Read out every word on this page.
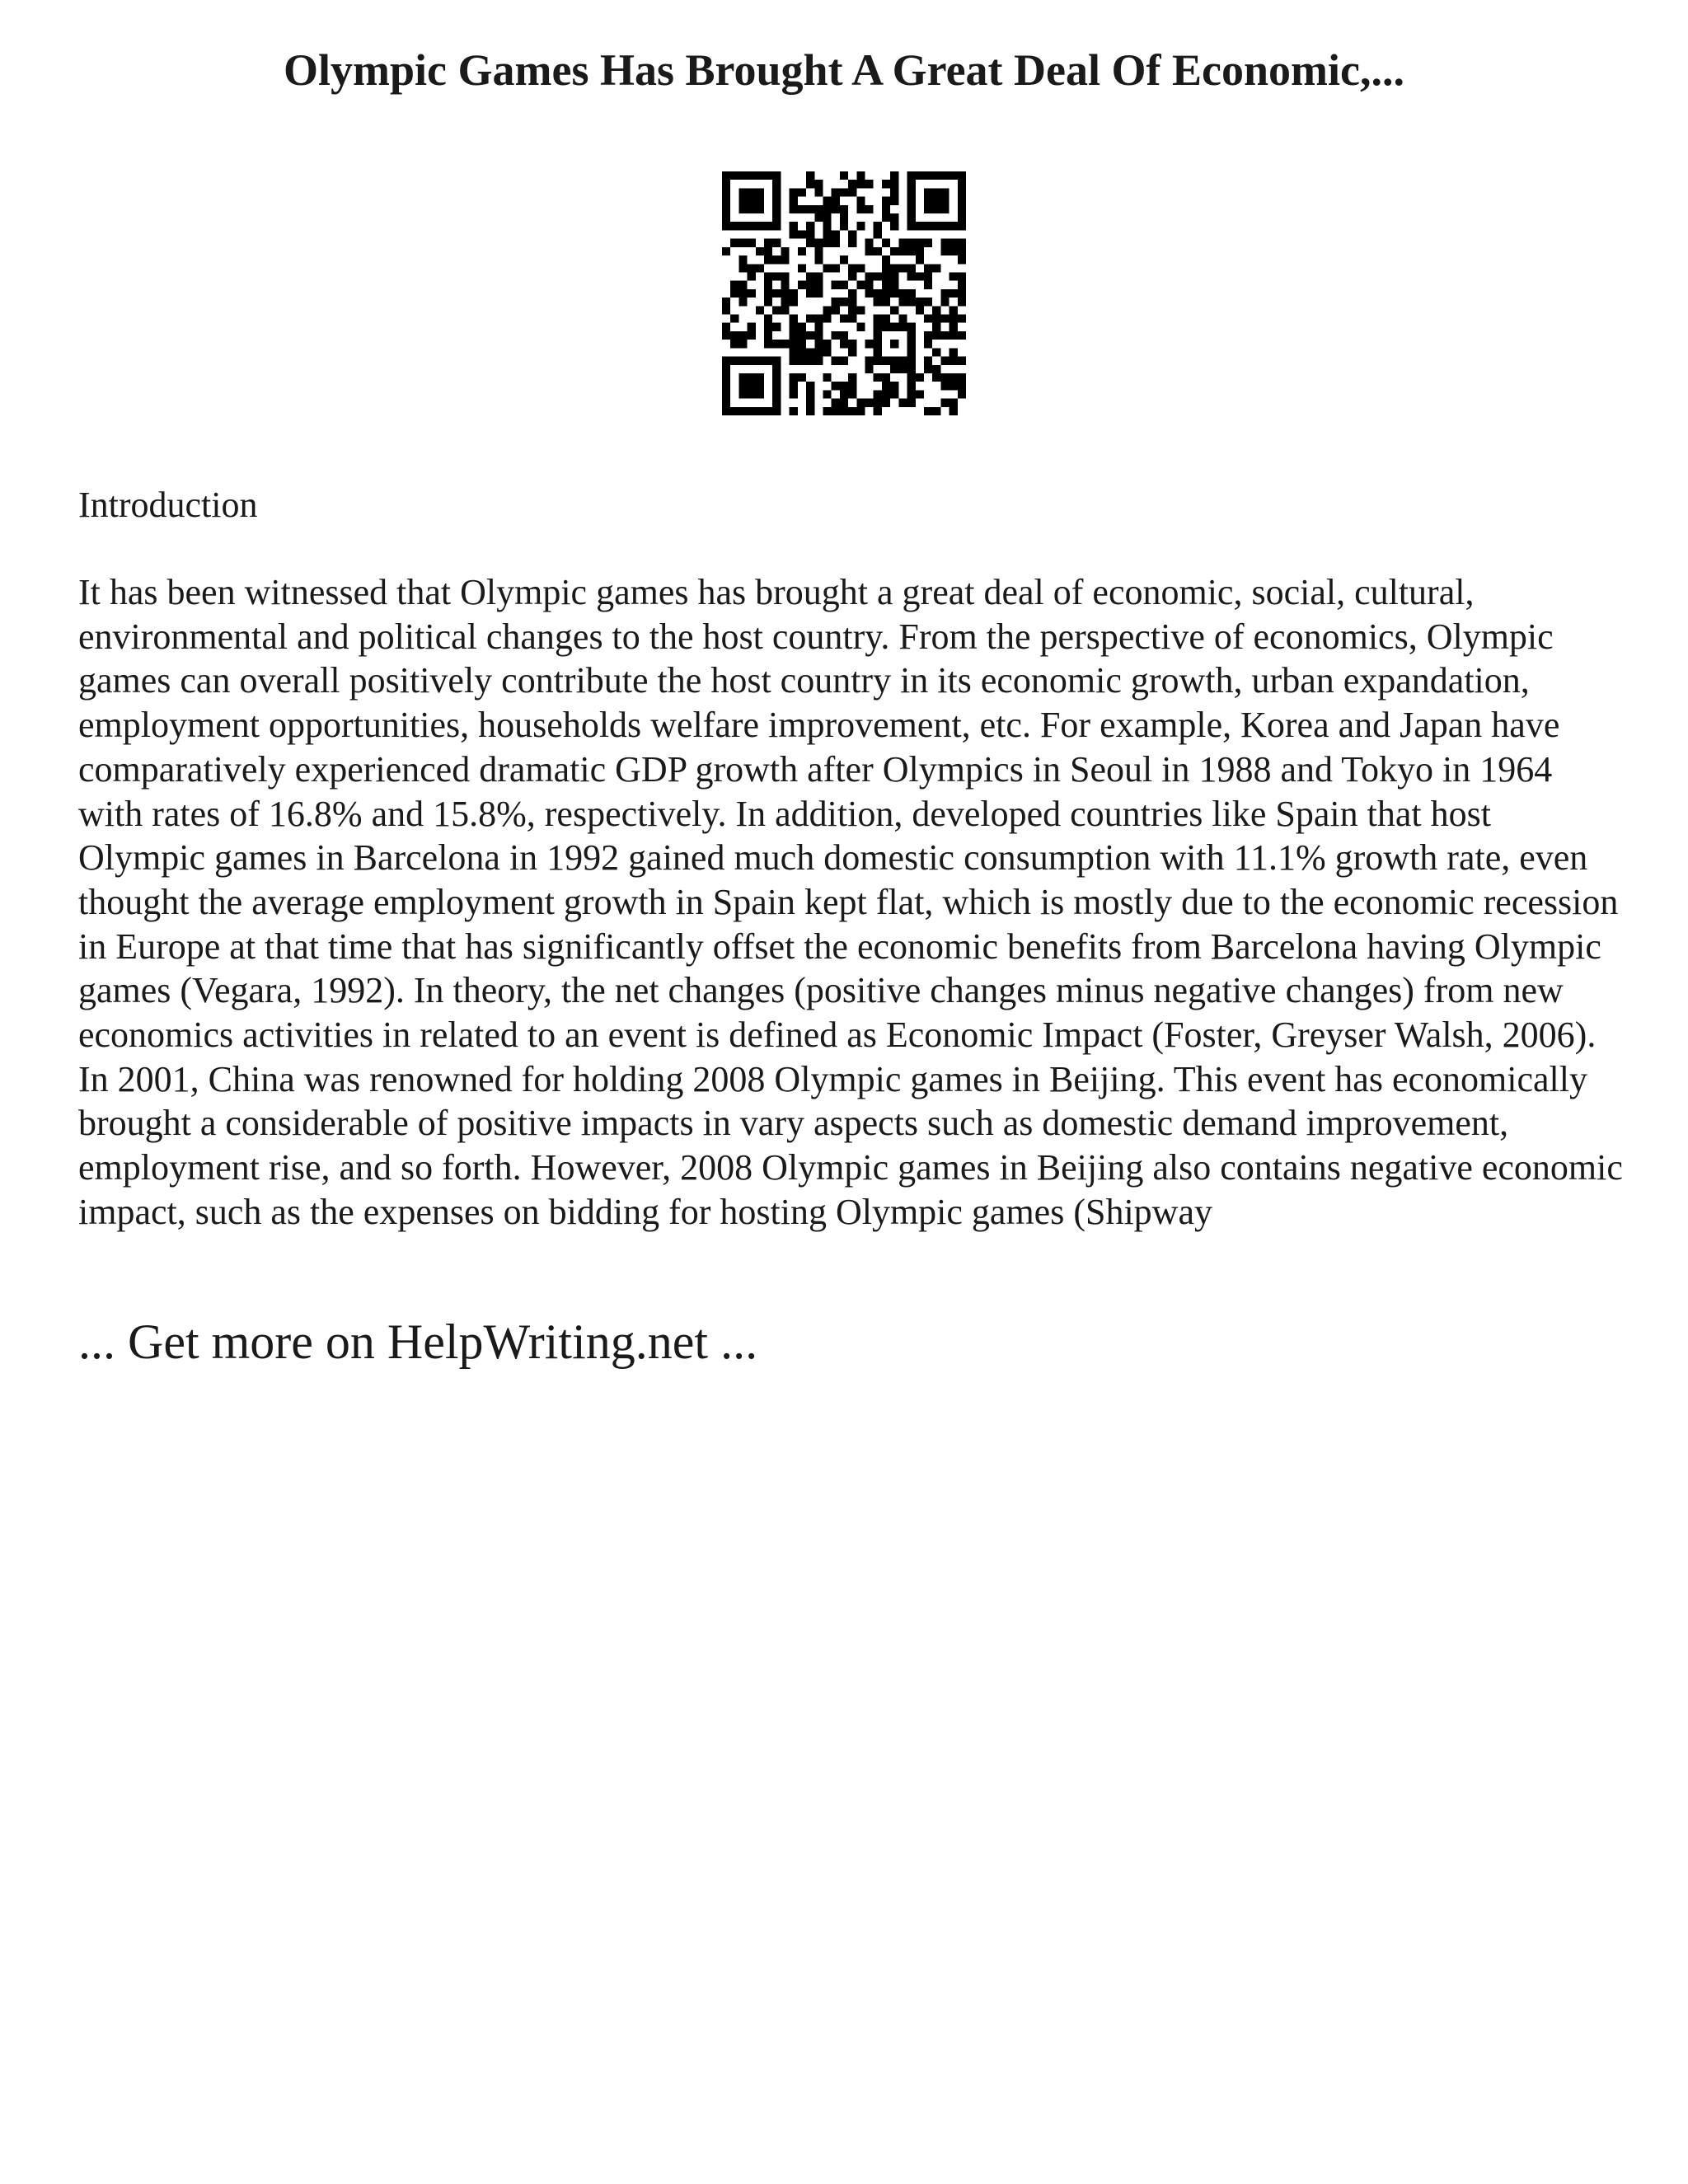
Olympic Games Has Brought A Great Deal Of Economic,...
Introduction

It has been witnessed that Olympic games has brought a great deal of economic, social, cultural, environmental and political changes to the host country. From the perspective of economics, Olympic games can overall positively contribute the host country in its economic growth, urban expandation, employment opportunities, households welfare improvement, etc. For example, Korea and Japan have comparatively experienced dramatic GDP growth after Olympics in Seoul in 1988 and Tokyo in 1964 with rates of 16.8% and 15.8%, respectively. In addition, developed countries like Spain that host Olympic games in Barcelona in 1992 gained much domestic consumption with 11.1% growth rate, even thought the average employment growth in Spain kept flat, which is mostly due to the economic recession in Europe at that time that has significantly offset the economic benefits from Barcelona having Olympic games (Vegara, 1992). In theory, the net changes (positive changes minus negative changes) from new economics activities in related to an event is defined as Economic Impact (Foster, Greyser Walsh, 2006). In 2001, China was renowned for holding 2008 Olympic games in Beijing. This event has economically brought a considerable of positive impacts in vary aspects such as domestic demand improvement, employment rise, and so forth. However, 2008 Olympic games in Beijing also contains negative economic impact, such as the expenses on bidding for hosting Olympic games (Shipway

... Get more on HelpWriting.net ...
